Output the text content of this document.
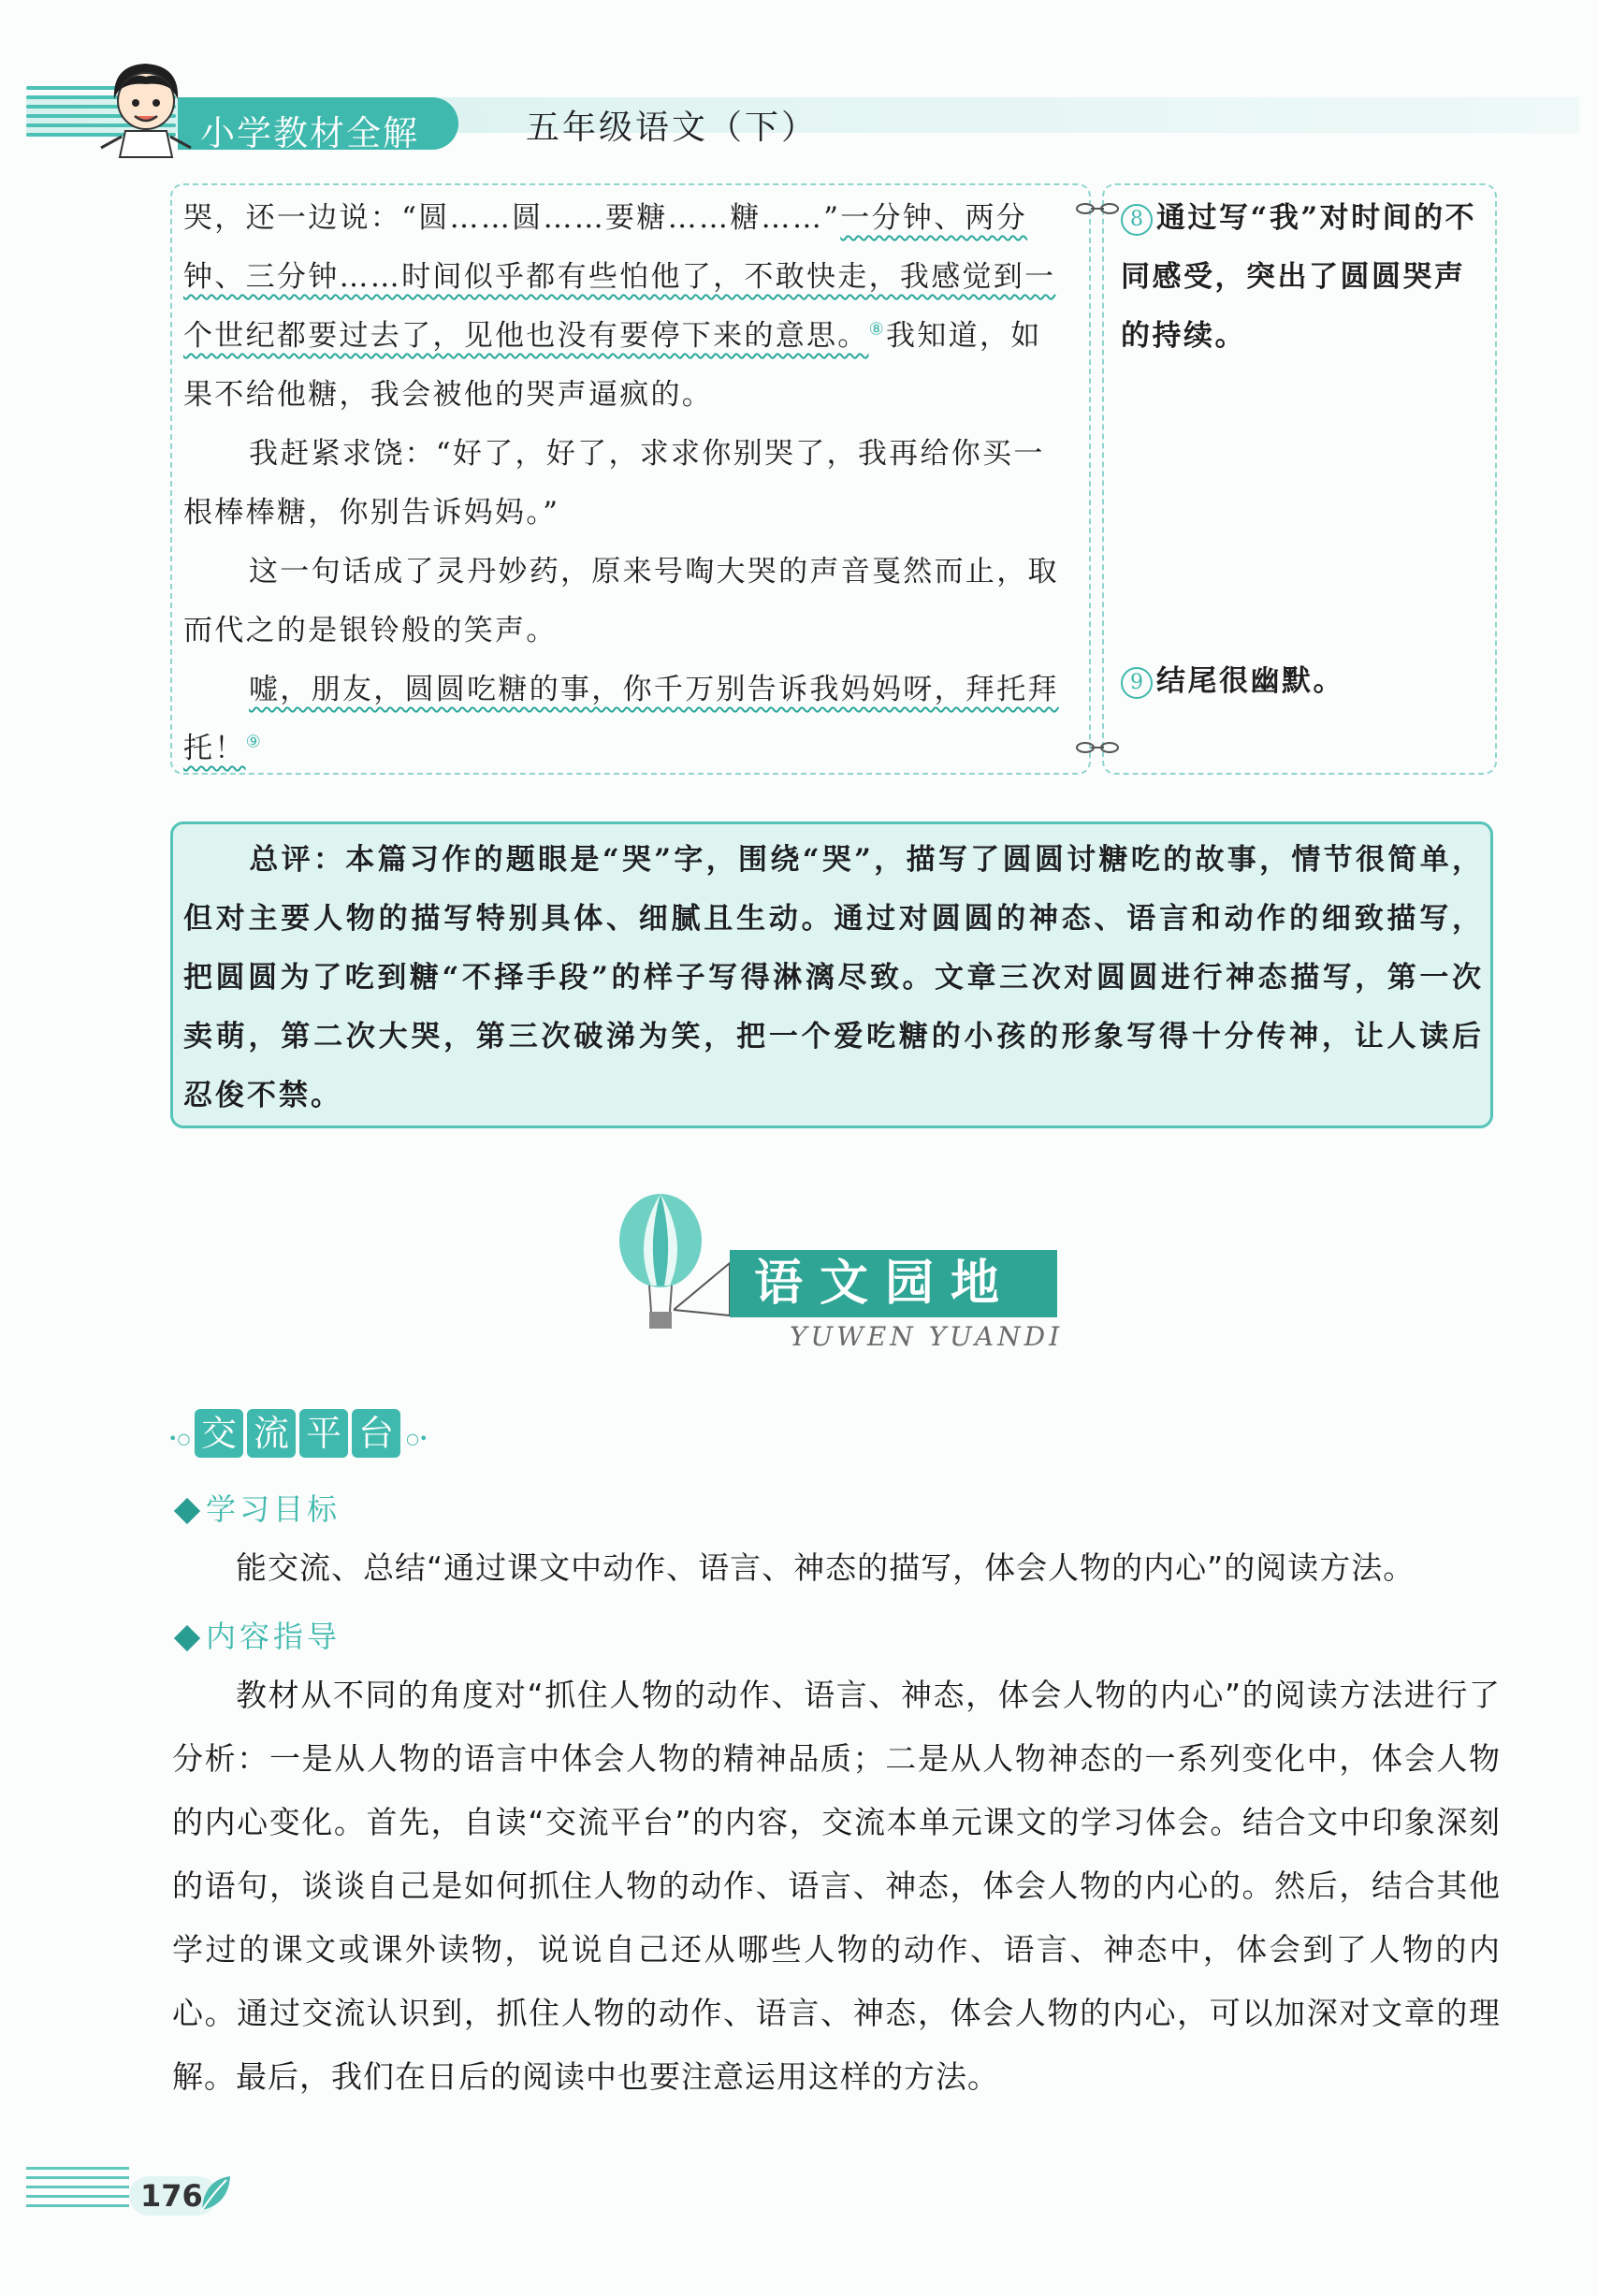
小学教材全解	五年级语文（下）

哭，还一边说：“圆……圆……要糖……糖……”一分钟、两分钟、三分钟……时间似乎都有些怕他了，不敢快走，我感觉到一个世纪都要过去了，见他也没有要停下来的意思。⑧我知道，如果不给他糖，我会被他的哭声逼疯的。

我赶紧求饶：“好了，好了，求求你别哭了，我再给你买一根棒棒糖，你别告诉妈妈。”

这一句话成了灵丹妙药，原来号啕大哭的声音戛然而止，取而代之的是银铃般的笑声。

嘘，朋友，圆圆吃糖的事，你千万别告诉我妈妈呀，拜托拜托！⑨

8 通过写“我”对时间的不同感受，突出了圆圆哭声的持续。
9 结尾很幽默。
总评：本篇习作的题眼是“哭”字，围绕“哭”，描写了圆圆讨糖吃的故事，情节很简单，但对主要人物的描写特别具体、细腻且生动。通过对圆圆的神态、语言和动作的细致描写，把圆圆为了吃到糖“不择手段”的样子写得淋漓尽致。文章三次对圆圆进行神态描写，第一次卖萌，第二次大哭，第三次破涕为笑，把一个爱吃糖的小孩的形象写得十分传神，让人读后忍俊不禁。
语文园地
YUWEN YUANDI
•○ 交 流 平 台 ○•
学习目标

能交流、总结“通过课文中动作、语言、神态的描写，体会人物的内心”的阅读方法。

内容指导

教材从不同的角度对“抓住人物的动作、语言、神态，体会人物的内心”的阅读方法进行了分析：一是从人物的语言中体会人物的精神品质；二是从人物神态的一系列变化中，体会人物的内心变化。首先，自读“交流平台”的内容，交流本单元课文的学习体会。结合文中印象深刻的语句，谈谈自己是如何抓住人物的动作、语言、神态，体会人物的内心的。然后，结合其他学过的课文或课外读物，说说自己还从哪些人物的动作、语言、神态中，体会到了人物的内心。通过交流认识到，抓住人物的动作、语言、神态，体会人物的内心，可以加深对文章的理解。最后，我们在日后的阅读中也要注意运用这样的方法。

176
